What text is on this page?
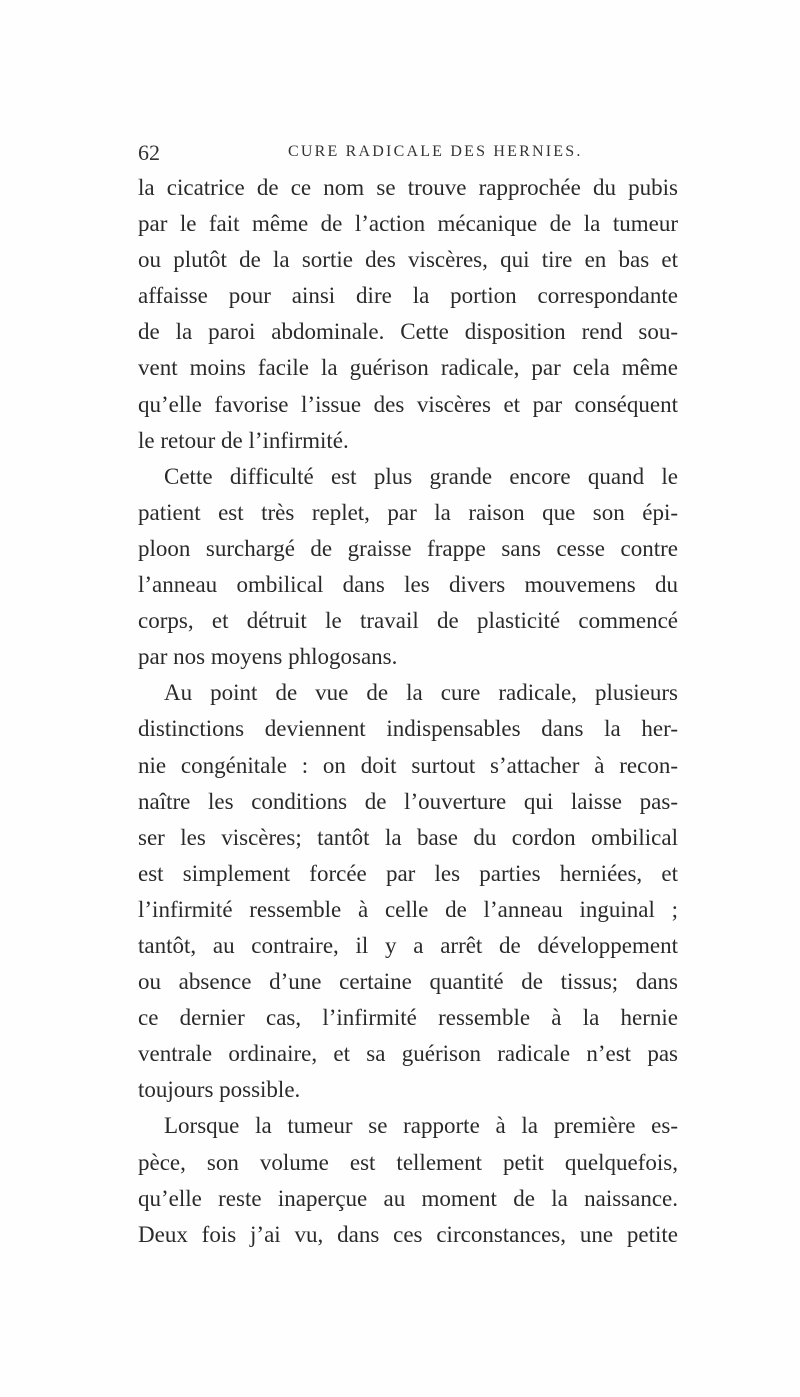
62	CURE RADICALE DES HERNIES.
la cicatrice de ce nom se trouve rapprochée du pubis
par le fait même de l’action mécanique de la tumeur
ou plutôt de la sortie des viscères, qui tire en bas et
affaisse pour ainsi dire la portion correspondante
de la paroi abdominale. Cette disposition rend sou-
vent moins facile la guérison radicale, par cela même
qu’elle favorise l’issue des viscères et par conséquent
le retour de l’infirmité.
Cette difficulté est plus grande encore quand le
patient est très replet, par la raison que son épi-
ploon surchargé de graisse frappe sans cesse contre
l’anneau ombilical dans les divers mouvemens du
corps, et détruit le travail de plasticité commencé
par nos moyens phlogosans.
Au point de vue de la cure radicale, plusieurs
distinctions deviennent indispensables dans la her-
nie congénitale : on doit surtout s’attacher à recon-
naître les conditions de l’ouverture qui laisse pas-
ser les viscères; tantôt la base du cordon ombilical
est simplement forcée par les parties herniées, et
l’infirmité ressemble à celle de l’anneau inguinal ;
tantôt, au contraire, il y a arrêt de développement
ou absence d’une certaine quantité de tissus; dans
ce dernier cas, l’infirmité ressemble à la hernie
ventrale ordinaire, et sa guérison radicale n’est pas
toujours possible.
Lorsque la tumeur se rapporte à la première es-
pèce, son volume est tellement petit quelquefois,
qu’elle reste inaperçue au moment de la naissance.
Deux fois j’ai vu, dans ces circonstances, une petite
